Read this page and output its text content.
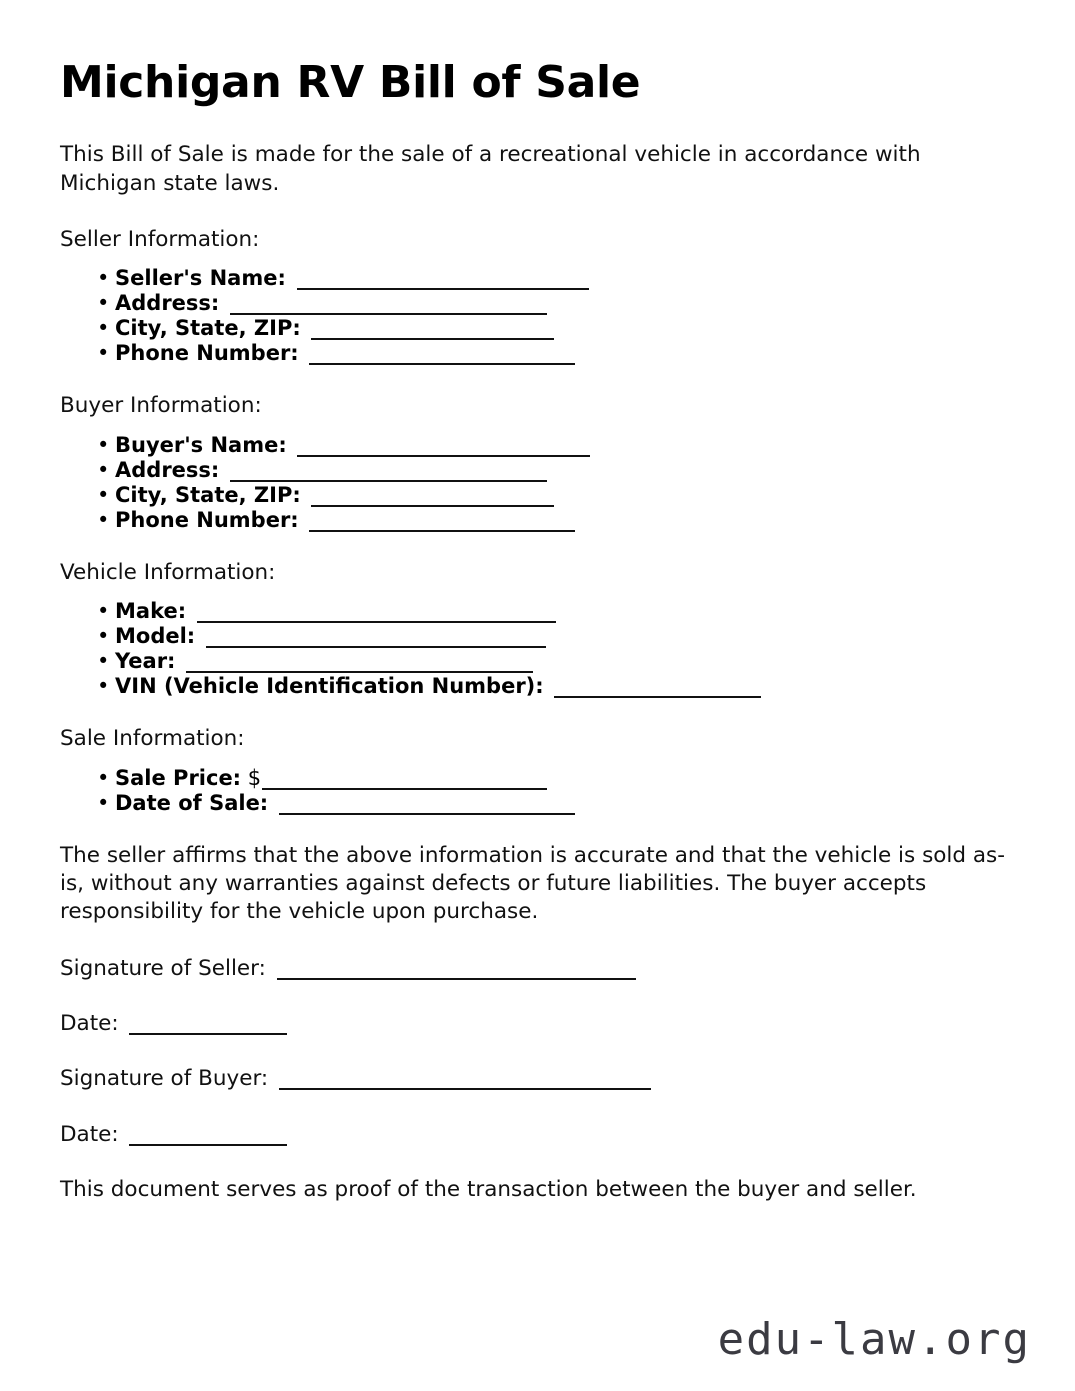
Michigan RV Bill of Sale

This Bill of Sale is made for the sale of a recreational vehicle in accordance with Michigan state laws.

Seller Information:

• Seller's Name:
• Address:
• City, State, ZIP:
• Phone Number:

Buyer Information:

• Buyer's Name:
• Address:
• City, State, ZIP:
• Phone Number:

Vehicle Information:

• Make:
• Model:
• Year:
• VIN (Vehicle Identification Number):

Sale Information:

• Sale Price: $
• Date of Sale:

The seller affirms that the above information is accurate and that the vehicle is sold as-is, without any warranties against defects or future liabilities. The buyer accepts responsibility for the vehicle upon purchase.

Signature of Seller:
Date:
Signature of Buyer:
Date:

This document serves as proof of the transaction between the buyer and seller.

edu-law.org
